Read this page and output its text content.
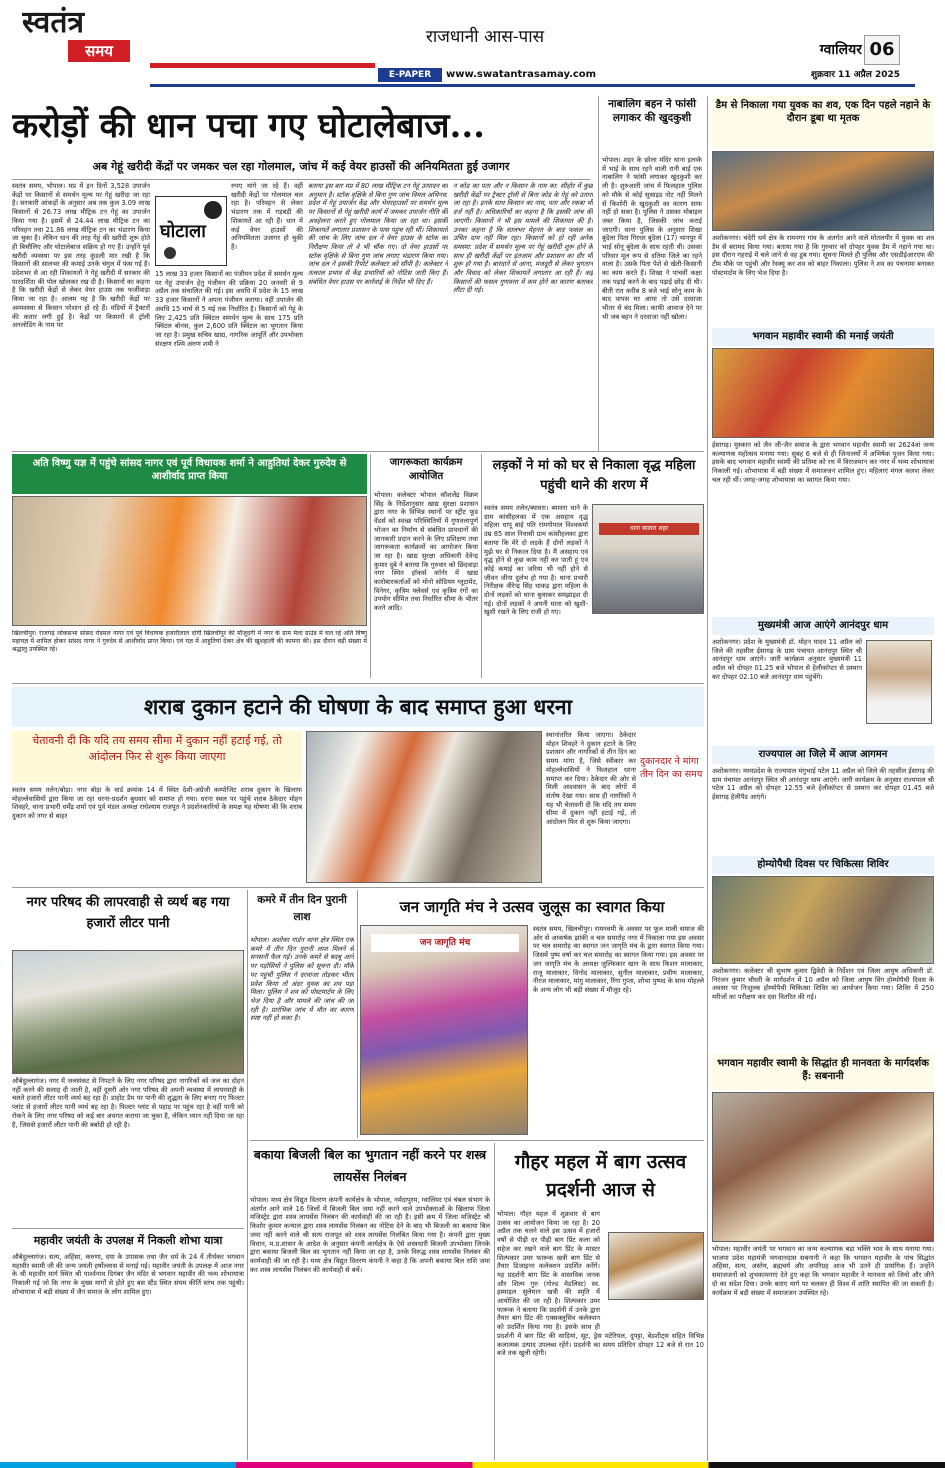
स्वतंत्र
समय
राजधानी आस-पास
E-PAPER	www.swatantrasamay.com
ग्वालियर 06
शुक्रवार 11 अप्रैल 2025
करोड़ों की धान पचा गए घोटालेबाज...
अब गेहूं खरीदी केंद्रों पर जमकर चल रहा गोलमाल, जांच में कई वेयर हाउसों की अनियमितता हुई उजागर
स्वतंत्र समय, भोपाल। मप्र में इन दिनों 3,528 उपार्जन केंद्रों पर किसानों से समर्थन मूल्य पर गेहूं खरीदा जा रहा है। सरकारी आंकड़ों के अनुसार अब तक कुल 3.09 लाख किसानों से 26.73 लाख मीट्रिक टन गेहूं का उपार्जन किया गया है। इसमें से 24.44 लाख मीट्रिक टन का परिवहन तथा 21.86 लाख मीट्रिक टन का भंडारण किया जा चुका है। लेकिन धान की तरह गेहूं की खरीदी शुरू होते ही बिचौलिए और घोटालेबाज सक्रिय हो गए हैं। उन्होंने पूर्व खरीदी व्यवस्था पर इस तरह कुंडली मार रखी है कि किसानों की सालभर की कमाई उनके चंगुल में फंस गई है। प्रदेशभर से आ रही शिकायतों ने गेहूं खरीदी में सरकार की पारदर्शिता की पोल खोलकर रख दी है। किसानों का कहना है कि खरीदी केंद्रों से लेकर वेयर हाउस तक फर्जीवाड़ा किया जा रहा है। आलम यह है कि खरीदी केंद्रों पर अव्यवस्था से किसान परेशान हो रहे हैं। मंडियों में ट्रैक्टरों की कतार लगी हुई है। केंद्रों पर किसानों से ट्रॉली अनलोडिंग के नाम पर
घोटाला
रुपए मांगे जा रहे हैं। वहीं खरीदी केंद्रों पर गोलमाल चल रहा है। परिवहन से लेकर भंडारण तक में गड़बड़ी की शिकायतें आ रही हैं। धान में कई वेयर हाउसों की अनियमितता उजागर हो चुकी है।
15 लाख 33 हजार किसानों का पंजीयन प्रदेश में समर्थन मूल्य पर गेहूं उपार्जन हेतु पंजीयन की प्रक्रिया 20 जनवरी से 9 अप्रैल तक संचालित की गई। इस अवधि में प्रदेश के 15 लाख 33 हजार किसानों ने अपना पंजीयन कराया। वहीं उपार्जन की अवधि 15 मार्च से 5 मई तक निर्धारित है। किसानों को गेहूं के लिए 2,425 प्रति क्विंटल समर्थन मूल्य के साथ 175 प्रति क्विंटल बोनस, कुल 2,600 प्रति क्विंटल का भुगतान किया जा रहा है। प्रमुख सचिव खाद्य, नागरिक आपूर्ति और उपभोक्ता संरक्षण रश्मि अरुण शमी ने
बताया इस बार मप्र में 80 लाख मीट्रिक टन गेहूं उत्पादन का अनुमान है। स्टॉक वृक्षिके से बिना गुण जांच विमल अभिनव: प्रदेश में गेहूं उपार्जन केंद्र और भेयरहाउसों पर समर्थन मूल्य पर किसानों से गेहूं खरीदी कार्य में जमकर उपार्जन नीति की अवहेलना करते हुए गोलमाल किया जा रहा था। इसकी शिकायतें लगातार प्रशासन के पास पहुंच रही थीं। शिकायतों की जांच के लिए जांच दल ने वेयर हाउस के स्टॉक का निरीक्षण किया तो वे भी चौंक गए। दो वेयर हाउसों पर स्टॉक वृक्षिके से बिना गुण जांच लगाए भंडारण किया गया। जांच दल ने इसकी रिपोर्ट कलेक्टर को सौंपी है। कलेक्टर ने तत्काल प्रभाव से केंद्र प्रभारियों को नोटिस जारी किए हैं। संबंधित वेयर हाउस पर कार्रवाई के निर्देश भी दिए हैं।
न कोड का पता और न किसान के नाम का: सीहोर में कुछ खरीदी केंद्रों पर ट्रैक्टर ट्रॉली से बिना कोड के गेहूं को उतारा जा रहा है। इनके साथ किसान का नाम, पता और रकबा भी दर्ज नहीं है। अधिकारियों का कहना है कि इसकी जांच की जाएगी। किसानों ने भी इस मामले की शिकायत की है। उनका कहना है कि सालभर मेहनत के बाद फसल का उचित दाम नहीं मिल रहा। किसानों को हो रही अनेक समस्या: प्रदेश में समर्थन मूल्य पर गेहूं खरीदी शुरू होने के साथ ही खरीदी केंद्रों पर इंतजाम और प्रशासन का दौर भी शुरू हो गया है। बारदाने से आना, मजदूरी से लेकर भुगतान और विवाद को लेकर शिकायतें लगातार आ रही हैं। कई किसानों की फसल गुणवत्ता में कम होने का कारण बताकर लौटा दी गई।
नाबालिग बहन ने फांसी लगाकर की खुदकुशी
भोपाल। शहर के छोला मंदिर थाना इलाके में भाई के साथ रहने वाली रानी बाई एक नाबालिग ने फांसी लगाकर खुदकुशी कर ली है। शुरुआती जांच में फिलहाल पुलिस को मौके से कोई सुसाइड नोट नहीं मिलने से किशोरी के खुदकुशी का कारण साफ नहीं हो सका है। पुलिस ने उसका मोबाइल जब्त किया है, जिसकी जांच कराई जाएगी। थाना पुलिस के अनुसार शिखा बुंदेला पिता गिरधर बुंदेला (17) भानपुर में भाई सोनू बुंदेला के साथ रहती थी। उसका परिवार मूल रूप से दतिया जिले का रहने वाला है। उसके पिता पेशे से खेती-किसानी का काम करते हैं। शिखा ने पांचवीं कक्षा तक पढ़ाई करने के बाद पढ़ाई छोड़ दी थी। बीती रात करीब 8 बजे भाई सोनू काम के बाद वापस घर आया तो उसे दरवाजा भीतर से बंद मिला। काफी आवाज देने पर भी जब बहन ने दरवाजा नहीं खोला।
डैम से निकाला गया युवक का शव, एक दिन पहले नहाने के दौरान डूबा था मृतक
अशोकनगर। चंदेरी धर्म क्षेत्र के रामनगर गांव के अंतर्गत आने वाले मोतलपीर में युवक का शव डैम से बरामद किया गया। बताया गया है कि गुरुवार को दोपहर युवक डैम में नहाने गया था। इस दौरान गहराई में चले जाने से वह डूब गया। सूचना मिलते ही पुलिस और एसडीईआरएफ की टीम मौके पर पहुंची और रेस्क्यू कर शव को बाहर निकाला। पुलिस ने शव का पंचनामा बनाकर पोस्टमार्टम के लिए भेज दिया है।
भगवान महावीर स्वामी की मनाई जयंती
ईसागढ़। मुस्कान को जैन जी-जैन समाज के द्वारा भगवान महावीर स्वामी का 2624वां जन्म कल्याणक महोत्सव मनाया गया। सुबह 6 बजे से ही जिनालयों में अभिषेक पूजन किया गया। इसके बाद भगवान महावीर स्वामी की प्रतिमा को रथ में विराजमान कर नगर में भव्य शोभायात्रा निकाली गई। शोभायात्रा में बड़ी संख्या में समाजजन शामिल हुए। महिलाएं मंगल कलश लेकर चल रही थीं। जगह-जगह शोभायात्रा का स्वागत किया गया।
मुख्यमंत्री आज आएंगे आनंदपुर धाम
अशोकनगर। प्रदेश के मुख्यमंत्री डॉ. मोहन यादव 11 अप्रैल को जिले की तहसील ईसागढ़ के ग्राम पंचायत आनंदपुर स्थित श्री आनंदपुर धाम आएंगे। जारी कार्यक्रम अनुसार मुख्यमंत्री 11 अप्रैल को दोपहर 01.25 बजे भोपाल से हेलीकॉप्टर से प्रस्थान कर दोपहर 02.10 बजे आनंदपुर धाम पहुंचेंगे।
राज्यपाल आ जिले में आज आगमन
अशोकनगर। मध्यप्रदेश के राज्यपाल मंगुभाई पटेल 11 अप्रैल को जिले की तहसील ईसागढ़ की ग्राम पंचायत आनंदपुर स्थित श्री आनंदपुर धाम आएंगे। जारी कार्यक्रम के अनुसार राज्यपाल श्री पटेल 11 अप्रैल को दोपहर 12.55 बजे हेलीकॉप्टर से प्रस्थान कर दोपहर 01.45 बजे ईसागढ़ हेलीपैड आएंगे।
होम्योपैथी दिवस पर चिकित्सा शिविर
अशोकनगर। कलेक्टर श्री सुभाष कुमार द्विवेदी के निर्देशन एवं जिला आयुष अधिकारी डॉ. निरंजन कुमार चौधरी के मार्गदर्शन में 10 अप्रैल को जिला आयुष विंग होम्योपैथी दिवस के अवसर पर निःशुल्क होम्योपैथी चिकित्सा शिविर का आयोजन किया गया। शिविर में 250 मरीजों का परीक्षण कर दवा वितरित की गई।
भगवान महावीर स्वामी के सिद्धांत ही मानवता के मार्गदर्शक हैं: सबनानी
भोपाल। महावीर जयंती पर भगवान का जन्म कल्याणक बड़ा भक्ति भाव के साथ मनाया गया। भाजपा प्रदेश महामंत्री भगवानदास सबनानी ने कहा कि भगवान महावीर के पांच सिद्धांत अहिंसा, सत्य, अस्तेय, ब्रह्मचर्य और अपरिग्रह आज भी उतने ही प्रासंगिक हैं। उन्होंने समाजजनों को शुभकामनाएं देते हुए कहा कि भगवान महावीर ने मानवता को जियो और जीने दो का संदेश दिया। उनके बताए मार्ग पर चलकर ही विश्व में शांति स्थापित की जा सकती है। कार्यक्रम में बड़ी संख्या में समाजजन उपस्थित रहे।
अति विष्णु यज्ञ में पहुंचे सांसद नागर एवं पूर्व विधायक शर्मा ने आहुतियां देकर गुरुदेव से आशीर्वाद प्राप्त किया
खिलचीपुर। राजगढ़ लोकसभा सांसद रोडमल नागर एवं पूर्व विधायक हजारीलाल दांगी खिलचीपुर की मौजूदगी में नगर के ग्राम मेला ग्राउंड में चल रहे अति विष्णु महायज्ञ में शामिल होकर सांसद नागर ने गुरुदेव से आशीर्वाद प्राप्त किया। एवं यज्ञ में आहुतियां देकर क्षेत्र की खुशहाली की कामना की। इस दौरान बड़ी संख्या में श्रद्धालु उपस्थित रहे।
जागरूकता कार्यक्रम आयोजित
भोपाल। कलेक्टर भोपाल कौशलेंद्र विक्रम सिंह के निर्देशानुसार खाद्य सुरक्षा प्रशासन द्वारा नगर के विभिन्न स्थानों पर स्ट्रीट फूड वेंडर्स को स्वच्छ परिस्थितियों में गुणवत्तापूर्ण भोजन का निर्माण से संबंधित प्रावधानों की जानकारी प्रदान करने के लिए प्रशिक्षण तथा जागरूकता कार्यक्रमों का आयोजन किया जा रहा है। खाद्य सुरक्षा अधिकारी देवेन्द्र कुमार दुबे ने बताया कि गुरुवार को छिंदवाड़ा नगर स्थित हॉकर्स कॉर्नर में खाद्य कारोबारकर्ताओं को मोनो सोडियम ग्लूटामेट, विनेगर, कृत्रिम फ्लेवर्स एवं कृत्रिम रंगों का उपयोग सीमित तथा निर्धारित सीमा के भीतर करने आदि।
लड़कों ने मां को घर से निकाला वृद्ध महिला पहुंची थाने की शरण में
स्वतंत्र समय तलेन/ब्यावरा। ब्यावरा थाने के ग्राम कांसीहलका में एक असहाय वृद्ध महिला धापू बाई पति रामगोपाल विश्वकर्मा उम्र 85 साल निवासी ग्राम कांसीहलका द्वारा बताया कि मेरे दो लड़के हैं दोनों लड़कों ने मुझे घर से निकाल दिया है। मैं असहाय एवं वृद्ध होने से कुछ काम नहीं कर पाती हूं एवं कोई कमाई का जरिया भी नहीं होने से जीवन जीना दुर्लभ हो गया है। थाना प्रभारी निरीक्षक वीरेन्द्र सिंह धाकड़ द्वारा महिला के दोनों लड़कों को थाना बुलाकर समझाइश दी गई। दोनों लड़कों ने अपनी माता को खुशी-खुशी रखने के लिए राजी हो गए।
थाना ब्यावरा शहर
शराब दुकान हटाने की घोषणा के बाद समाप्त हुआ धरना
चेतावनी दी कि यदि तय समय सीमा में दुकान नहीं हटाई गई, तो आंदोलन फिर से शुरू किया जाएगा
स्वतंत्र समय तलेन/बोड़ा। नगर बोड़ा के वार्ड क्रमांक 14 में स्थित देशी-अंग्रेजी कम्पोजिट शराब दुकान के खिलाफ मोहल्लेवासियों द्वारा किया जा रहा धरना-प्रदर्शन बुधवार को समाप्त हो गया। धरना स्थल पर पहुंचे शराब ठेकेदार मोहन शिवहरे, थाना प्रभारी धर्मेंद्र शर्मा एवं पूर्व मंडल अध्यक्ष राधेश्याम राजपूत ने प्रदर्शनकारियों के समक्ष यह घोषणा की कि शराब दुकान को नगर से बाहर
दुकानदार ने मांगा तीन दिन का समय
स्थानांतरित किया जाएगा। ठेकेदार मोहन शिवहरे ने दुकान हटाने के लिए प्रशासन और नागरिकों से तीन दिन का समय मांगा है, जिसे स्वीकार कर मोहल्लेवासियों ने फिलहाल धरना समाप्त कर दिया। ठेकेदार की ओर से मिली आश्वासन के बाद लोगों में संतोष देखा गया। साथ ही नागरिकों ने यह भी चेतावनी दी कि यदि तय समय सीमा में दुकान नहीं हटाई गई, तो आंदोलन फिर से शुरू किया जाएगा।
नगर परिषद की लापरवाही से व्यर्थ बह गया हजारों लीटर पानी
औबेदुल्लागंज। नगर में जलसंकट से निपटने के लिए नगर परिषद द्वारा नागरिकों को जल का दोहन नहीं करने की सलाह दी जाती है, वहीं दूसरी ओर नगर परिषद की अपनी व्यवस्था में लापरवाही के चलते हजारों लीटर पानी व्यर्थ बह रहा है। डाहोट डैम पर पानी की शुद्धता के लिए बनाए गए फिल्टर प्लांट से हजारों लीटर पानी व्यर्थ बह रहा है। फिल्टर प्लांट से पहाड़ पर पहुंच रहा है वहीं पानी को रोकने के लिए नगर परिषद को कई बार अवगत कराया जा चुका है, लेकिन ध्यान नहीं दिया जा रहा है, जिससे हजारों लीटर पानी की बर्बादी हो रही है।
महावीर जयंती के उपलक्ष में निकली शोभा यात्रा
औबेदुल्लागंज। सत्य, अहिंसा, करुणा, दया के उपासक तथा जैन धर्म के 24 वें तीर्थंकर भगवान महावीर स्वामी जी की जन्म जयंती हर्षोल्लास से मनाई गई। महावीर जयंती के उपलक्ष में आज नगर के श्री महावीर मार्ग स्थित श्री पार्श्वनाथ दिगंबर जैन मंदिर से भगवान महावीर की भव्य शोभायात्रा निकाली गई जो कि नगर के मुख्य मार्गों से होते हुए बस स्टैंड स्थित संयम कीर्ति स्तंभ तक पहुंची। शोभायात्रा में बड़ी संख्या में जैन समाज के लोग शामिल हुए।
कमरे में तीन दिन पुरानी लाश
भोपाल। अशोका गार्डन थाना क्षेत्र स्थित एक कमरे में तीन दिन पुरानी लाश मिलने से सनसनी फैल गई। उनके कमरे से बदबू आने पर पड़ोसियों ने पुलिस को सूचना दी। मौके पर पहुंची पुलिस ने दरवाजा तोड़कर भीतर प्रवेश किया तो अंदर युवक का शव पड़ा मिला। पुलिस ने शव को पोस्टमार्टम के लिए भेज दिया है और मामले की जांच की जा रही है। प्रारंभिक जांच में मौत का कारण स्पष्ट नहीं हो सका है।
जन जागृति मंच ने उत्सव जुलूस का स्वागत किया
जन जागृति मंच
स्वतंत्र समय, खिलचीपुर। रामनवमी के अवसर पर फूल माली समाज की ओर से आकर्षक झांकी व चल समारोह नगर में निकाला गया इस अवसर पर चल समारोह का स्वागत जन जागृति मंच के द्वारा स्वागत किया गया। जिसमें पुष्प वर्षा कर चल समारोह का स्वागत किया गया। इस अवसर पर जन जागृति मंच के अध्यक्ष जुल्फिकार खान के साथ किशन मालाकार, राजू मालाकार, विनोद मालाकार, सुनील मालाकार, प्रवीण मालाकार, नीरज मालाकार, मांगु मालाकार, रिंगा गुप्ता, शोभा पुष्पद के साथ मोहल्ले के अन्य लोग भी बड़ी संख्या में मौजूद रहे।
बकाया बिजली बिल का भुगतान नहीं करने पर शस्त्र लायसेंस निलंबन
भोपाल। मध्य क्षेत्र विद्युत वितरण कंपनी कार्यक्षेत्र के भोपाल, नर्मदापुरम, ग्वालियर एवं चंबल संभाग के अंतर्गत आने वाले 16 जिलों में बिजली बिल जमा नहीं करने वाले उपभोक्ताओं के खिलाफ जिला मजिस्ट्रेट द्वारा शस्त्र लायसेंस निलंबन की कार्यवाही की जा रही है। इसी क्रम में जिला मजिस्ट्रेट श्री किशोर कुमार कन्याल द्वारा शस्त्र लायसेंस निलंबन का नोटिस देने के बाद भी बिजली का बकाया बिल जमा नहीं करने वाले श्री सत्य राजपूत को शस्त्र लायसेंस निलंबित किया गया है। कंपनी द्वारा मुख्य विधान, म.प्र.शासन के आदेश के अनुसार कंपनी कार्यक्षेत्र के ऐसे शस्त्रधारी बिजली उपभोक्ता जिनके द्वारा बकाया बिजली बिल का भुगतान नहीं किया जा रहा है, उनके विरुद्ध शस्त्र लायसेंस निलंबन की कार्यवाही की जा रही है। मध्य क्षेत्र विद्युत वितरण कंपनी ने कहा है कि अपनी बकाया बिल राशि जमा कर शस्त्र लायसेंस निलंबन की कार्यवाही से बचें।
गौहर महल में बाग उत्सव प्रदर्शनी आज से
भोपाल। गौहर महल में शुक्रवार से बाग उत्सव का आयोजन किया जा रहा है। 20 अप्रैल तक चलने वाले इस उत्सव में हजारों वर्षों से पीढ़ी दर पीढ़ी बाग प्रिंट कला को सहेज कर रखने वाले बाग प्रिंट के मास्टर शिल्पकार उमर फारूक खत्री बाग प्रिंट से तैयार डिजाइनर कलेक्शन प्रदर्शित करेंगे। यह प्रदर्शनी बाग प्रिंट के वास्तविक जनक और शिल्प गुरु (गोल्ड मेडलिस्ट) स्व. इस्माइल सुलेमान खत्री की स्मृति में आयोजित की जा रही है। शिल्पकार उमर फारूक ने बताया कि प्रदर्शनी में उनके द्वारा तैयार बाग प्रिंट की एक्सक्लूसिव कलेक्शन को प्रदर्शित किया गया है। इसके साथ ही प्रदर्शनी में बाग प्रिंट की साड़ियां, सूट, ड्रेस मटेरियल, दुपट्टा, बेडशीट्स सहित विभिन्न कलात्मक उत्पाद उपलब्ध रहेंगे। प्रदर्शनी का समय प्रतिदिन दोपहर 12 बजे से रात 10 बजे तक खुली रहेगी।
